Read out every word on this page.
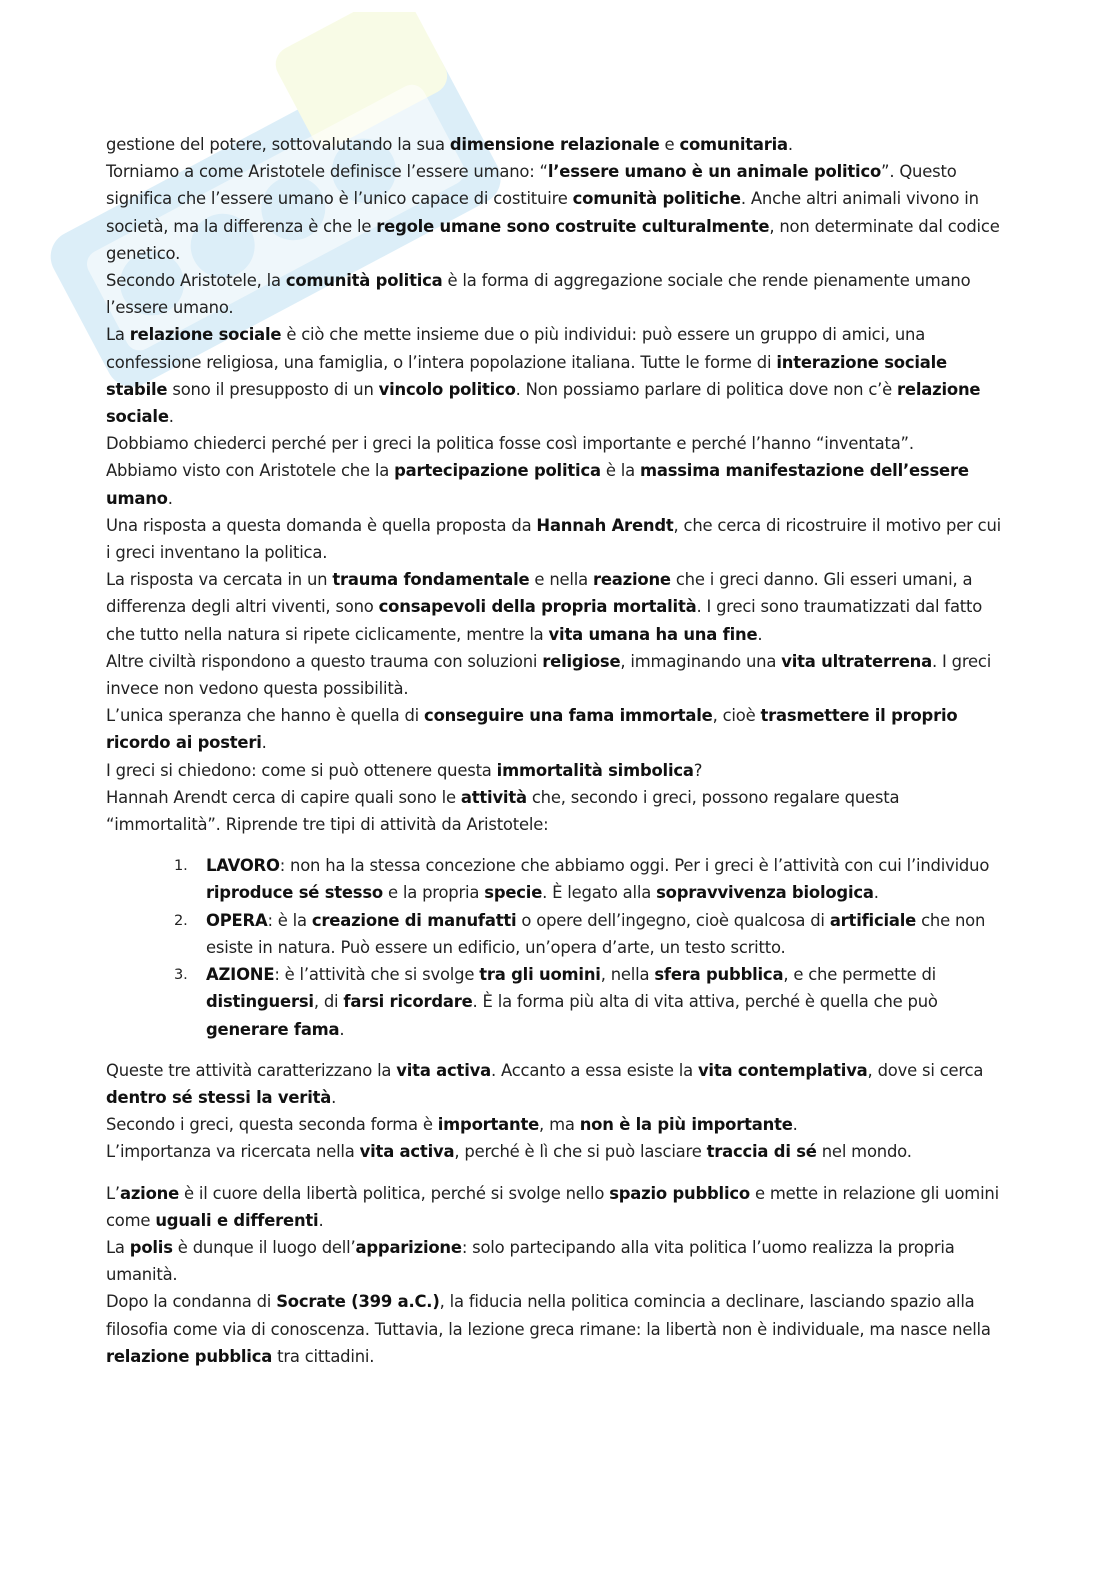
gestione del potere, sottovalutando la sua dimensione relazionale e comunitaria.

Torniamo a come Aristotele definisce l’essere umano: “l’essere umano è un animale politico”. Questo significa che l’essere umano è l’unico capace di costituire comunità politiche. Anche altri animali vivono in società, ma la differenza è che le regole umane sono costruite culturalmente, non determinate dal codice genetico.

Secondo Aristotele, la comunità politica è la forma di aggregazione sociale che rende pienamente umano l’essere umano.

La relazione sociale è ciò che mette insieme due o più individui: può essere un gruppo di amici, una confessione religiosa, una famiglia, o l’intera popolazione italiana. Tutte le forme di interazione sociale stabile sono il presupposto di un vincolo politico. Non possiamo parlare di politica dove non c’è relazione sociale.

Dobbiamo chiederci perché per i greci la politica fosse così importante e perché l’hanno “inventata”.

Abbiamo visto con Aristotele che la partecipazione politica è la massima manifestazione dell’essere umano.

Una risposta a questa domanda è quella proposta da Hannah Arendt, che cerca di ricostruire il motivo per cui i greci inventano la politica.

La risposta va cercata in un trauma fondamentale e nella reazione che i greci danno. Gli esseri umani, a differenza degli altri viventi, sono consapevoli della propria mortalità. I greci sono traumatizzati dal fatto che tutto nella natura si ripete ciclicamente, mentre la vita umana ha una fine.

Altre civiltà rispondono a questo trauma con soluzioni religiose, immaginando una vita ultraterrena. I greci invece non vedono questa possibilità.

L’unica speranza che hanno è quella di conseguire una fama immortale, cioè trasmettere il proprio ricordo ai posteri.

I greci si chiedono: come si può ottenere questa immortalità simbolica?

Hannah Arendt cerca di capire quali sono le attività che, secondo i greci, possono regalare questa “immortalità”. Riprende tre tipi di attività da Aristotele:

1. LAVORO: non ha la stessa concezione che abbiamo oggi. Per i greci è l’attività con cui l’individuo riproduce sé stesso e la propria specie. È legato alla sopravvivenza biologica.
2. OPERA: è la creazione di manufatti o opere dell’ingegno, cioè qualcosa di artificiale che non esiste in natura. Può essere un edificio, un’opera d’arte, un testo scritto.
3. AZIONE: è l’attività che si svolge tra gli uomini, nella sfera pubblica, e che permette di distinguersi, di farsi ricordare. È la forma più alta di vita attiva, perché è quella che può generare fama.

Queste tre attività caratterizzano la vita activa. Accanto a essa esiste la vita contemplativa, dove si cerca dentro sé stessi la verità.

Secondo i greci, questa seconda forma è importante, ma non è la più importante.

L’importanza va ricercata nella vita activa, perché è lì che si può lasciare traccia di sé nel mondo.

L’azione è il cuore della libertà politica, perché si svolge nello spazio pubblico e mette in relazione gli uomini come uguali e differenti.

La polis è dunque il luogo dell’apparizione: solo partecipando alla vita politica l’uomo realizza la propria umanità.

Dopo la condanna di Socrate (399 a.C.), la fiducia nella politica comincia a declinare, lasciando spazio alla filosofia come via di conoscenza. Tuttavia, la lezione greca rimane: la libertà non è individuale, ma nasce nella relazione pubblica tra cittadini.
